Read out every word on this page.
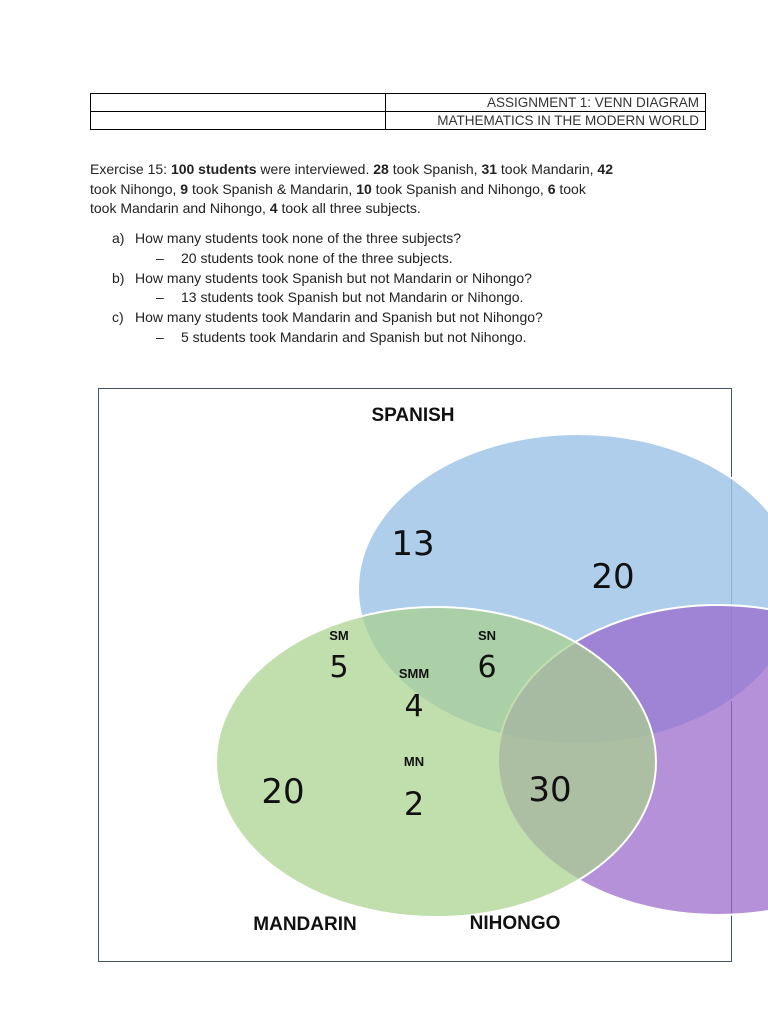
	ASSIGNMENT 1: VENN DIAGRAM
	MATHEMATICS IN THE MODERN WORLD

Exercise 15: 100 students were interviewed. 28 took Spanish, 31 took Mandarin, 42
took Nihongo, 9 took Spanish & Mandarin, 10 took Spanish and Nihongo, 6 took
took Mandarin and Nihongo, 4 took all three subjects.

a) How many students took none of the three subjects?
–	20 students took none of the three subjects.
b) How many students took Spanish but not Mandarin or Nihongo?
–	13 students took Spanish but not Mandarin or Nihongo.
c) How many students took Mandarin and Spanish but not Nihongo?
–	5 students took Mandarin and Spanish but not Nihongo.
SPANISH
MANDARIN	NIHONGO
SM	SN
SMM
MN
13
20
5	6
4
20	2	30
